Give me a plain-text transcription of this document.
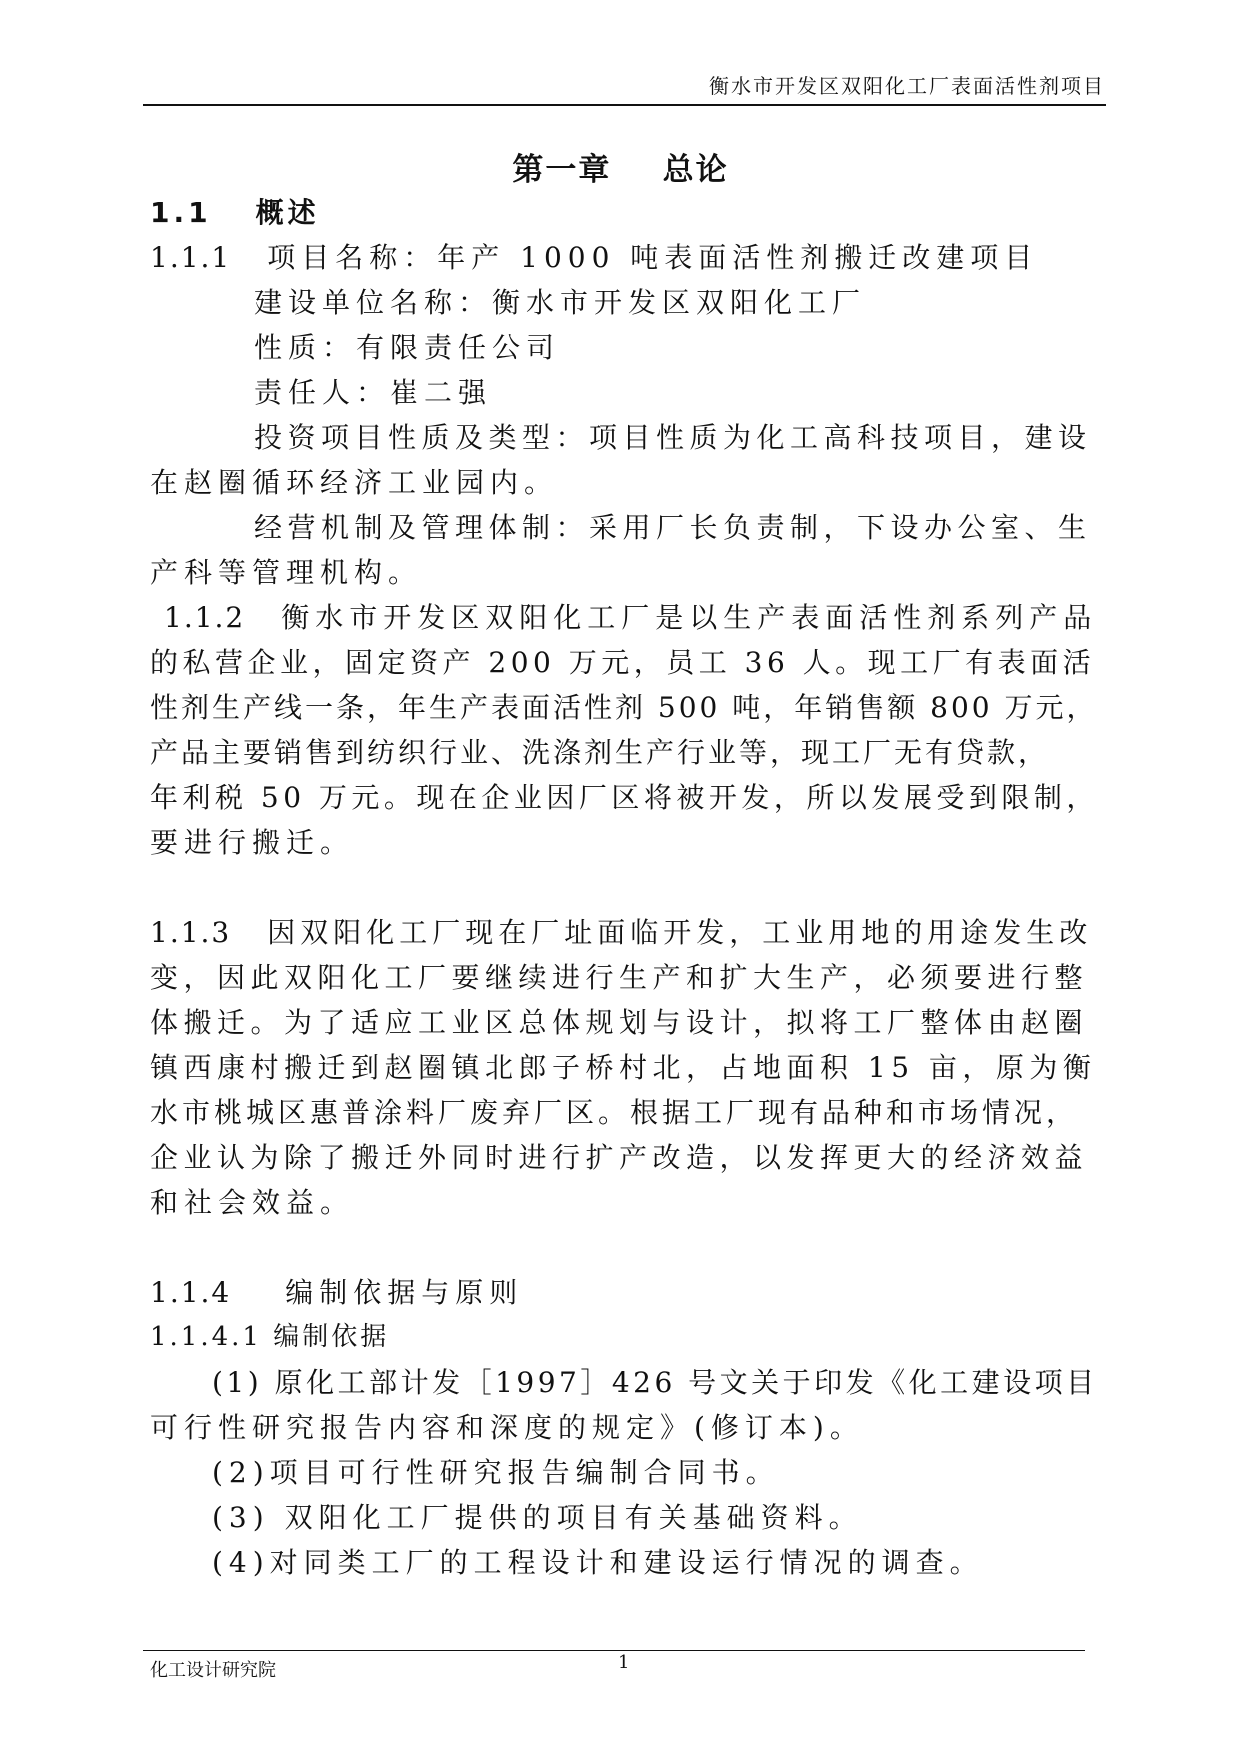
衡水市开发区双阳化工厂表面活性剂项目
第一章    总论
1.1 概述
1.1.1 项目名称：年产 1000 吨表面活性剂搬迁改建项目
建设单位名称：衡水市开发区双阳化工厂
性质：有限责任公司
责任人：崔二强
投资项目性质及类型：项目性质为化工高科技项目，建设
在赵圈循环经济工业园内。
经营机制及管理体制：采用厂长负责制，下设办公室、生
产科等管理机构。
1.1.2 衡水市开发区双阳化工厂是以生产表面活性剂系列产品
的私营企业，固定资产 200 万元，员工 36 人。现工厂有表面活
性剂生产线一条，年生产表面活性剂 500 吨，年销售额 800 万元，
产品主要销售到纺织行业、洗涤剂生产行业等，现工厂无有贷款，
年利税 50 万元。现在企业因厂区将被开发，所以发展受到限制，
要进行搬迁。
1.1.3 因双阳化工厂现在厂址面临开发，工业用地的用途发生改
变，因此双阳化工厂要继续进行生产和扩大生产，必须要进行整
体搬迁。为了适应工业区总体规划与设计，拟将工厂整体由赵圈
镇西康村搬迁到赵圈镇北郎子桥村北，占地面积 15 亩，原为衡
水市桃城区惠普涂料厂废弃厂区。根据工厂现有品种和市场情况，
企业认为除了搬迁外同时进行扩产改造，以发挥更大的经济效益
和社会效益。
1.1.4 编制依据与原则
1.1.4.1 编制依据
(1) 原化工部计发［1997］426 号文关于印发《化工建设项目
可行性研究报告内容和深度的规定》(修订本)。
(2)项目可行性研究报告编制合同书。
(3) 双阳化工厂提供的项目有关基础资料。
(4)对同类工厂的工程设计和建设运行情况的调查。
化工设计研究院	1
